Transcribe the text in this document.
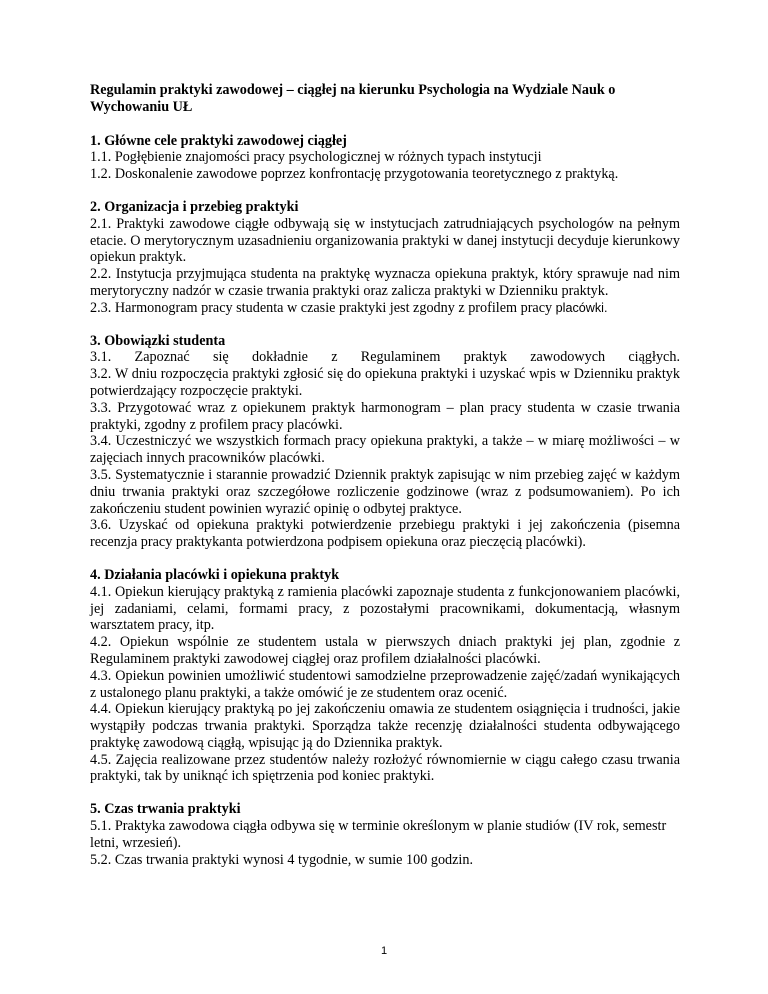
Regulamin praktyki zawodowej – ciągłej na kierunku Psychologia na Wydziale Nauk o Wychowaniu UŁ

1. Główne cele praktyki zawodowej ciągłej

1.1. Pogłębienie znajomości pracy psychologicznej w różnych typach instytucji

1.2. Doskonalenie zawodowe poprzez konfrontację przygotowania teoretycznego z praktyką.

2. Organizacja i przebieg praktyki

2.1. Praktyki zawodowe ciągłe odbywają się w instytucjach zatrudniających psychologów na pełnym etacie. O merytorycznym uzasadnieniu organizowania praktyki w danej instytucji decyduje kierunkowy opiekun praktyk.

2.2. Instytucja przyjmująca studenta na praktykę wyznacza opiekuna praktyk, który sprawuje nad nim merytoryczny nadzór w czasie trwania praktyki oraz zalicza praktyki w Dzienniku praktyk.

2.3. Harmonogram pracy studenta w czasie praktyki jest zgodny z profilem pracy placówki.

3. Obowiązki studenta

3.1. Zapoznać się dokładnie z Regulaminem praktyk zawodowych ciągłych.

3.2. W dniu rozpoczęcia praktyki zgłosić się do opiekuna praktyki i uzyskać wpis w Dzienniku praktyk potwierdzający rozpoczęcie praktyki.

3.3. Przygotować wraz z opiekunem praktyk harmonogram – plan pracy studenta w czasie trwania praktyki, zgodny z profilem pracy placówki.

3.4. Uczestniczyć we wszystkich formach pracy opiekuna praktyki, a także – w miarę możliwości – w zajęciach innych pracowników placówki.

3.5. Systematycznie i starannie prowadzić Dziennik praktyk zapisując w nim przebieg zajęć w każdym dniu trwania praktyki oraz szczegółowe rozliczenie godzinowe (wraz z podsumowaniem). Po ich zakończeniu student powinien wyrazić opinię o odbytej praktyce.

3.6. Uzyskać od opiekuna praktyki potwierdzenie przebiegu praktyki i jej zakończenia (pisemna recenzja pracy praktykanta potwierdzona podpisem opiekuna oraz pieczęcią placówki).

4. Działania placówki i opiekuna praktyk

4.1. Opiekun kierujący praktyką z ramienia placówki zapoznaje studenta z funkcjonowaniem placówki, jej zadaniami, celami, formami pracy, z pozostałymi pracownikami, dokumentacją, własnym warsztatem pracy, itp.

4.2. Opiekun wspólnie ze studentem ustala w pierwszych dniach praktyki jej plan, zgodnie z Regulaminem praktyki zawodowej ciągłej oraz profilem działalności placówki.

4.3. Opiekun powinien umożliwić studentowi samodzielne przeprowadzenie zajęć/zadań wynikających z ustalonego planu praktyki, a także omówić je ze studentem oraz ocenić.

4.4. Opiekun kierujący praktyką po jej zakończeniu omawia ze studentem osiągnięcia i trudności, jakie wystąpiły podczas trwania praktyki. Sporządza także recenzję działalności studenta odbywającego praktykę zawodową ciągłą, wpisując ją do Dziennika praktyk.

4.5. Zajęcia realizowane przez studentów należy rozłożyć równomiernie w ciągu całego czasu trwania praktyki, tak by uniknąć ich spiętrzenia pod koniec praktyki.

5. Czas trwania praktyki

5.1. Praktyka zawodowa ciągła odbywa się w terminie określonym w planie studiów (IV rok, semestr letni, wrzesień).

5.2. Czas trwania praktyki wynosi 4 tygodnie, w sumie 100 godzin.

1
